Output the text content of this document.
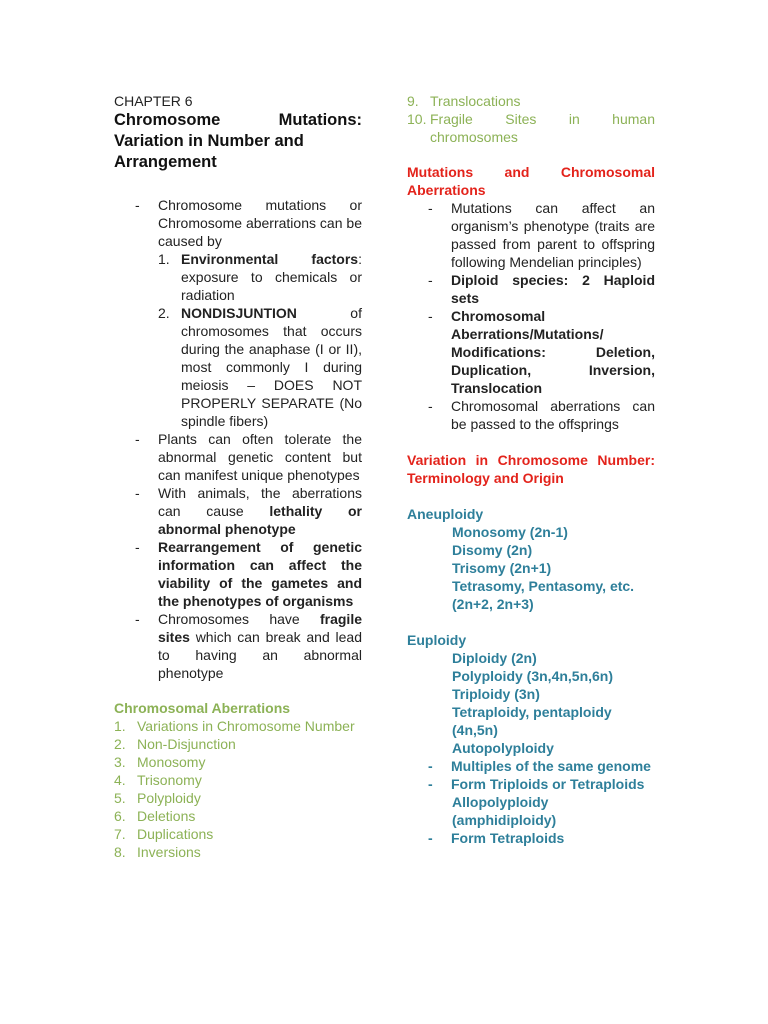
CHAPTER 6
Chromosome Mutations: Variation in Number and
Arrangement
- Chromosome mutations or Chromosome aberrations can be caused by
1. Environmental factors: exposure to chemicals or radiation
2. NONDISJUNTION of chromosomes that occurs during the anaphase (I or II), most commonly I during meiosis – DOES NOT PROPERLY SEPARATE (No spindle fibers)
- Plants can often tolerate the abnormal genetic content but can manifest unique phenotypes
- With animals, the aberrations can cause lethality or abnormal phenotype
- Rearrangement of genetic information can affect the viability of the gametes and the phenotypes of organisms
- Chromosomes have fragile sites which can break and lead to having an abnormal phenotype
Chromosomal Aberrations
1. Variations in Chromosome Number
2. Non-Disjunction
3. Monosomy
4. Trisonomy
5. Polyploidy
6. Deletions
7. Duplications
8. Inversions
9. Translocations
10. Fragile Sites in human chromosomes
Mutations and Chromosomal Aberrations
- Mutations can affect an organism’s phenotype (traits are passed from parent to offspring following Mendelian principles)
- Diploid species: 2 Haploid sets
- Chromosomal Aberrations/Mutations/ Modifications: Deletion, Duplication, Inversion, Translocation
- Chromosomal aberrations can be passed to the offsprings
Variation in Chromosome Number: Terminology and Origin
Aneuploidy
Monosomy (2n-1)
Disomy (2n)
Trisomy (2n+1)
Tetrasomy, Pentasomy, etc. (2n+2, 2n+3)
Euploidy
Diploidy (2n)
Polyploidy (3n,4n,5n,6n)
Triploidy (3n)
Tetraploidy, pentaploidy (4n,5n)
Autopolyploidy
- Multiples of the same genome
- Form Triploids or Tetraploids
Allopolyploidy (amphidiploidy)
- Form Tetraploids
